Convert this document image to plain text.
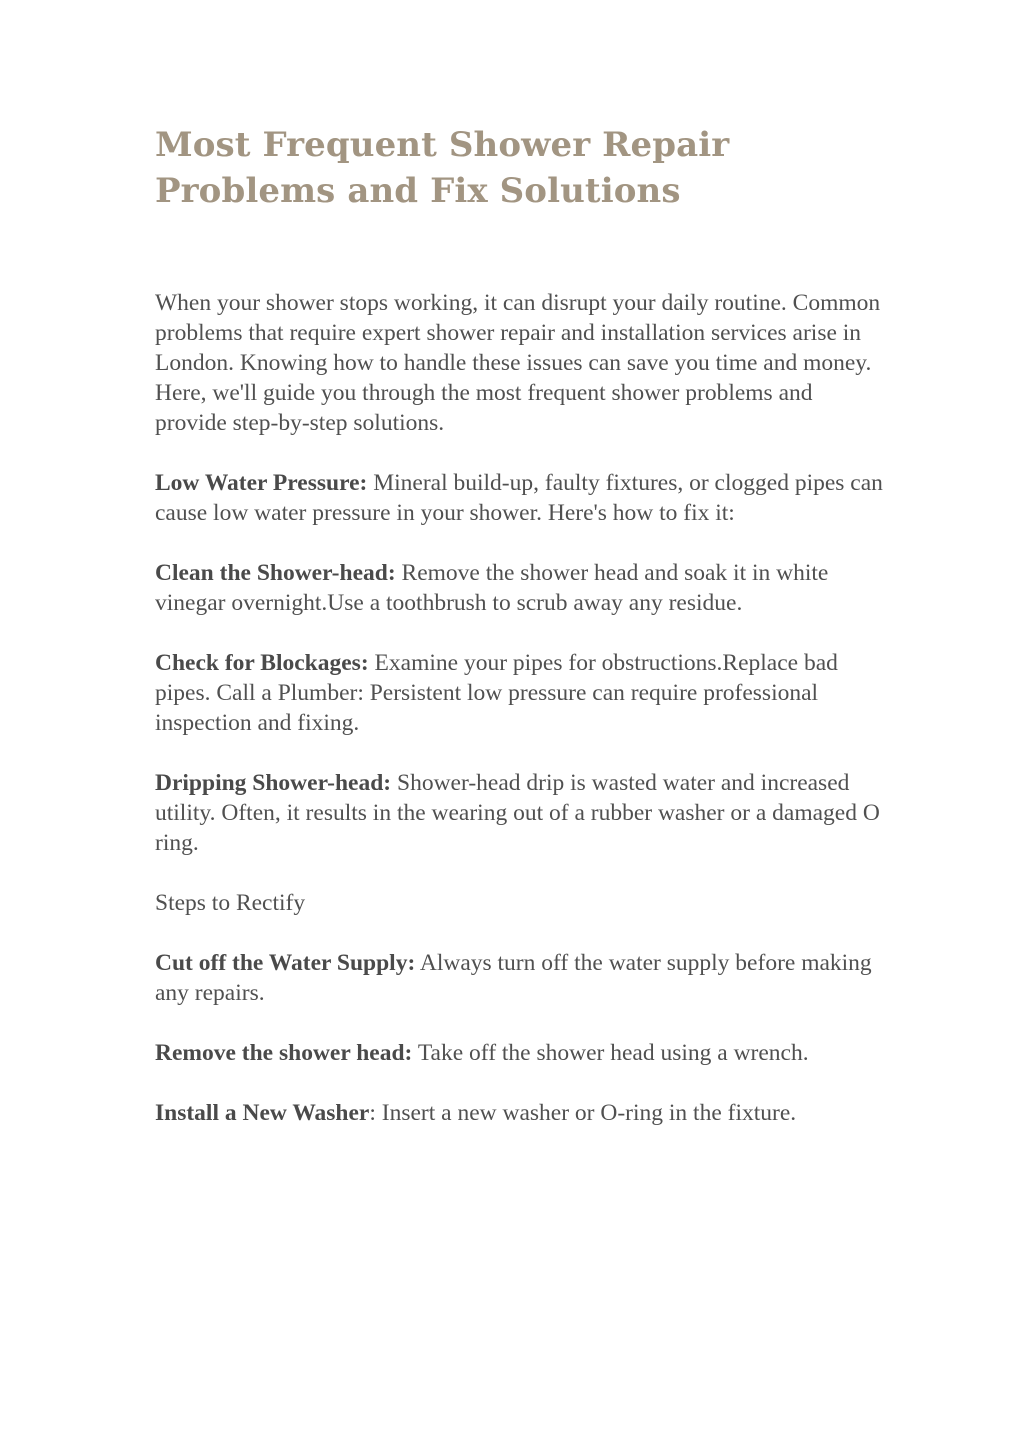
Most Frequent Shower Repair Problems and Fix Solutions

When your shower stops working, it can disrupt your daily routine. Common problems that require expert shower repair and installation services arise in London. Knowing how to handle these issues can save you time and money. Here, we'll guide you through the most frequent shower problems and provide step-by-step solutions.

Low Water Pressure: Mineral build-up, faulty fixtures, or clogged pipes can cause low water pressure in your shower. Here's how to fix it:

Clean the Shower-head: Remove the shower head and soak it in white vinegar overnight.Use a toothbrush to scrub away any residue.

Check for Blockages: Examine your pipes for obstructions.Replace bad pipes. Call a Plumber: Persistent low pressure can require professional inspection and fixing.

Dripping Shower-head: Shower-head drip is wasted water and increased utility. Often, it results in the wearing out of a rubber washer or a damaged O ring.

Steps to Rectify

Cut off the Water Supply: Always turn off the water supply before making any repairs.

Remove the shower head: Take off the shower head using a wrench.

Install a New Washer: Insert a new washer or O-ring in the fixture.
